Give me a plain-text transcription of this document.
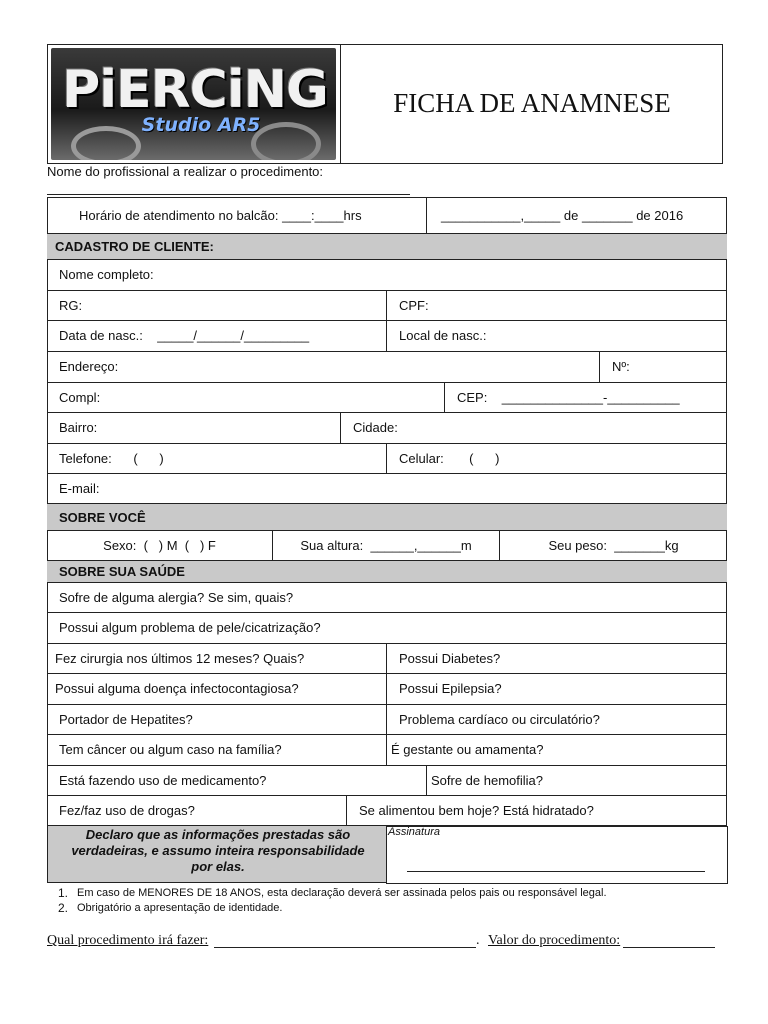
PiERCiNG
Studio AR5
FICHA DE ANAMNESE
Nome do profissional a realizar o procedimento:
Horário de atendimento no balcão: ____:____hrs	___________,_____ de _______ de 2016
CADASTRO DE CLIENTE:
Nome completo:
RG:	CPF:
Data de nasc.:    _____/______/_________	Local de nasc.:
Endereço:	Nº:
Compl:	CEP:    ______________-__________
Bairro:	Cidade:
Telefone:      (      )	Celular:       (      )
E-mail:
SOBRE VOCÊ
Sexo:  (   ) M  (   ) F	Sua altura:  ______,______m	Seu peso:  _______kg
SOBRE SUA SAÚDE
Sofre de alguma alergia? Se sim, quais?
Possui algum problema de pele/cicatrização?
Fez cirurgia nos últimos 12 meses? Quais?	Possui Diabetes?
Possui alguma doença infectocontagiosa?	Possui Epilepsia?
Portador de Hepatites?	Problema cardíaco ou circulatório?
Tem câncer ou algum caso na família?	É gestante ou amamenta?
Está fazendo uso de medicamento?	Sofre de hemofilia?
Fez/faz uso de drogas?	Se alimentou bem hoje? Está hidratado?
Declaro que as informações prestadas são verdadeiras, e assumo inteira responsabilidade por elas.
Assinatura
1. Em caso de MENORES DE 18 ANOS, esta declaração deverá ser assinada pelos pais ou responsável legal.
2. Obrigatório a apresentação de identidade.
Qual procedimento irá fazer:	. Valor do procedimento:
